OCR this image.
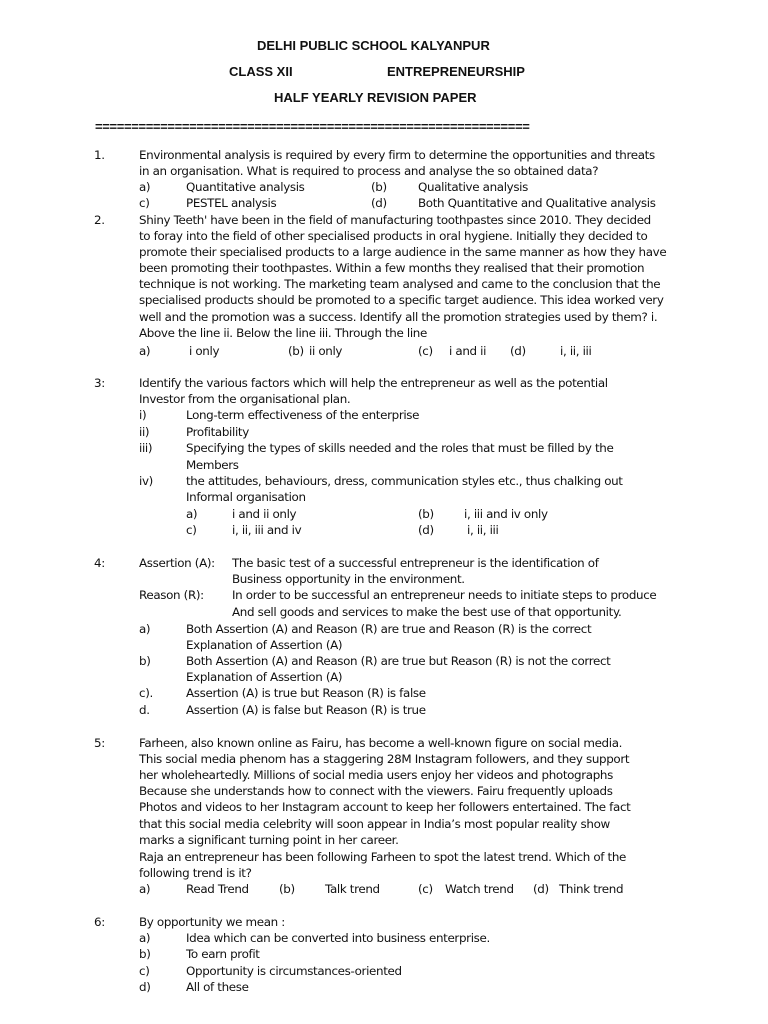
DELHI PUBLIC SCHOOL KALYANPUR
CLASS XII	ENTREPRENEURSHIP
HALF YEARLY REVISION PAPER
============================================================
1.	Environmental analysis is required by every firm to determine the opportunities and threats
in an organisation. What is required to process and analyse the so obtained data?
a)	Quantitative analysis	(b)	Qualitative analysis
c)	PESTEL analysis	(d)	Both Quantitative and Qualitative analysis
2.	Shiny Teeth' have been in the field of manufacturing toothpastes since 2010. They decided
to foray into the field of other specialised products in oral hygiene. Initially they decided to
promote their specialised products to a large audience in the same manner as how they have
been promoting their toothpastes. Within a few months they realised that their promotion
technique is not working. The marketing team analysed and came to the conclusion that the
specialised products should be promoted to a specific target audience. This idea worked very
well and the promotion was a success. Identify all the promotion strategies used by them? i.
Above the line ii. Below the line iii. Through the line
a)	i only	(b) ii only	(c) i and ii (d)	i, ii, iii
3:	Identify the various factors which will help the entrepreneur as well as the potential
Investor from the organisational plan.
i)	Long-term effectiveness of the enterprise
ii)	Profitability
iii)	Specifying the types of skills needed and the roles that must be filled by the
Members
iv)	the attitudes, behaviours, dress, communication styles etc., thus chalking out
Informal organisation
a)	i and ii only	(b)	i, iii and iv only
c)	i, ii, iii and iv	(d)	i, ii, iii
4:	Assertion (A): The basic test of a successful entrepreneur is the identification of
Business opportunity in the environment.
Reason (R): In order to be successful an entrepreneur needs to initiate steps to produce
And sell goods and services to make the best use of that opportunity.
a)	Both Assertion (A) and Reason (R) are true and Reason (R) is the correct
Explanation of Assertion (A)
b)	Both Assertion (A) and Reason (R) are true but Reason (R) is not the correct
Explanation of Assertion (A)
c).	Assertion (A) is true but Reason (R) is false
d.	Assertion (A) is false but Reason (R) is true
5:	Farheen, also known online as Fairu, has become a well-known figure on social media.
This social media phenom has a staggering 28M Instagram followers, and they support
her wholeheartedly. Millions of social media users enjoy her videos and photographs
Because she understands how to connect with the viewers. Fairu frequently uploads
Photos and videos to her Instagram account to keep her followers entertained. The fact
that this social media celebrity will soon appear in India’s most popular reality show
marks a significant turning point in her career.
Raja an entrepreneur has been following Farheen to spot the latest trend. Which of the
following trend is it?
a)	Read Trend	(b)	Talk trend	(c) Watch trend (d) Think trend
6:	By opportunity we mean :
a)	Idea which can be converted into business enterprise.
b)	To earn profit
c)	Opportunity is circumstances-oriented
d)	All of these
